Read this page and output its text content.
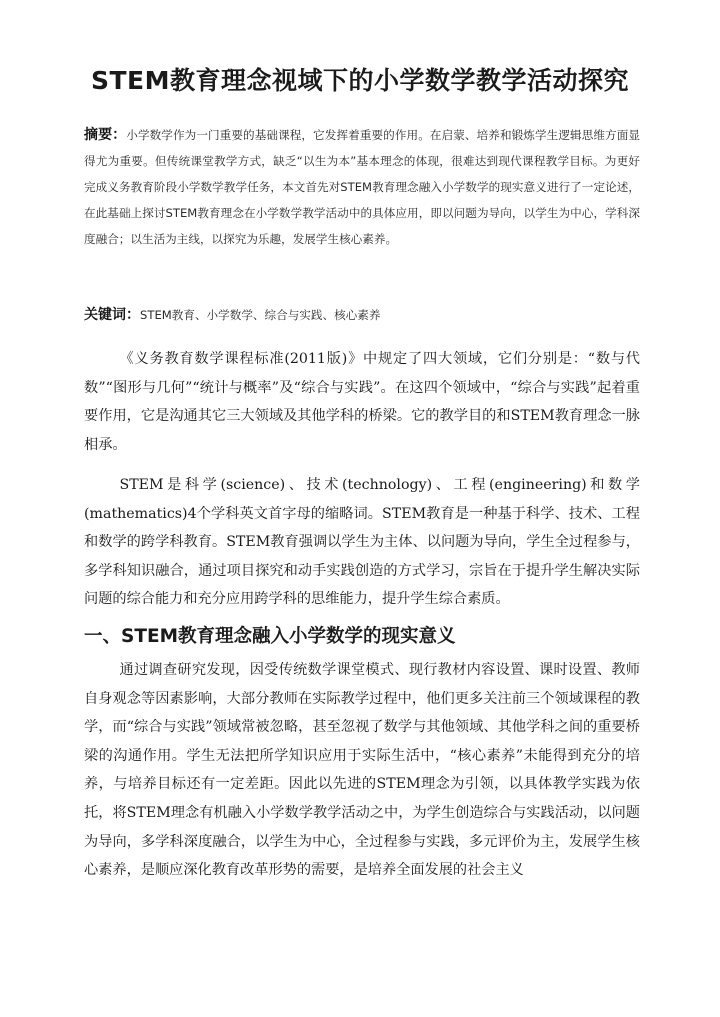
STEM教育理念视域下的小学数学教学活动探究

摘要：小学数学作为一门重要的基础课程，它发挥着重要的作用。在启蒙、培养和锻炼学生逻辑思维方面显得尤为重要。但传统课堂教学方式，缺乏“以生为本”基本理念的体现，很难达到现代课程教学目标。为更好完成义务教育阶段小学数学教学任务，本文首先对STEM教育理念融入小学数学的现实意义进行了一定论述，在此基础上探讨STEM教育理念在小学数学教学活动中的具体应用，即以问题为导向，以学生为中心，学科深度融合；以生活为主线，以探究为乐趣，发展学生核心素养。

关键词：STEM教育、小学数学、综合与实践、核心素养

《义务教育数学课程标准(2011版)》中规定了四大领域，它们分别是：“数与代数”“图形与几何”“统计与概率”及“综合与实践”。在这四个领域中，“综合与实践”起着重要作用，它是沟通其它三大领域及其他学科的桥梁。它的教学目的和STEM教育理念一脉相承。

STEM是科学(science)、技术(technology)、工程(engineering)和数学(mathematics)4个学科英文首字母的缩略词。STEM教育是一种基于科学、技术、工程和数学的跨学科教育。STEM教育强调以学生为主体、以问题为导向，学生全过程参与，多学科知识融合，通过项目探究和动手实践创造的方式学习，宗旨在于提升学生解决实际问题的综合能力和充分应用跨学科的思维能力，提升学生综合素质。

一、STEM教育理念融入小学数学的现实意义

通过调查研究发现，因受传统数学课堂模式、现行教材内容设置、课时设置、教师自身观念等因素影响，大部分教师在实际教学过程中，他们更多关注前三个领域课程的教学，而“综合与实践”领域常被忽略，甚至忽视了数学与其他领域、其他学科之间的重要桥梁的沟通作用。学生无法把所学知识应用于实际生活中，“核心素养”未能得到充分的培养，与培养目标还有一定差距。因此以先进的STEM理念为引领，以具体教学实践为依托，将STEM理念有机融入小学数学教学活动之中，为学生创造综合与实践活动，以问题为导向，多学科深度融合，以学生为中心，全过程参与实践，多元评价为主，发展学生核心素养，是顺应深化教育改革形势的需要，是培养全面发展的社会主义
